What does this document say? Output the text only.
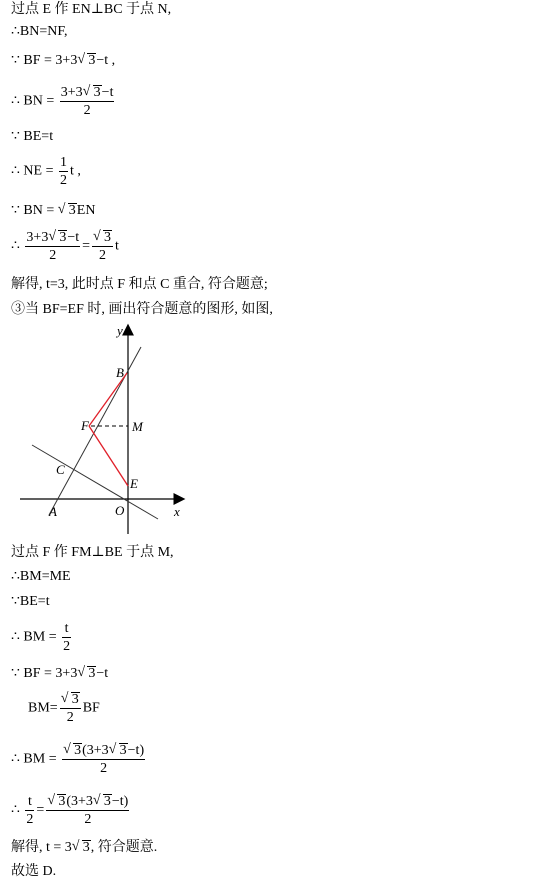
过点 E 作 EN⊥BC 于点 N,
∴BN=NF,
∵ BF = 3+3 √ 3−t ,
∴ BN = $\frac{3+3 √ 3-t}{2}$
∵ BE=t
∴ NE = $\frac{1}{2}$ t ,
∵ BN = √ 3EN
∴ $\frac{3+3 √ 3-t}{2}$ = √ $\frac{3}{2}$ t
解得, t=3, 此时点 F 和点 C 重合, 符合题意;
③当 BF=EF 时, 画出符合题意的图形, 如图,
y
B
F	M
C
E
A	O	x
过点 F 作 FM⊥BE 于点 M,
∴BM=ME
∵BE=t
∴ BM = $\frac{t}{2}$
∵ BF = 3+3 √ 3−t
BM= √ $\frac{3}{2}$ BF
∴ BM = √ $\frac{3(3+3 √ 3-t)}{2}$
∴ $\frac{t}{2}$ = √ $\frac{3(3+3 √ 3-t)}{2}$
解得, t = 3 √ 3, 符合题意.
故选 D.
